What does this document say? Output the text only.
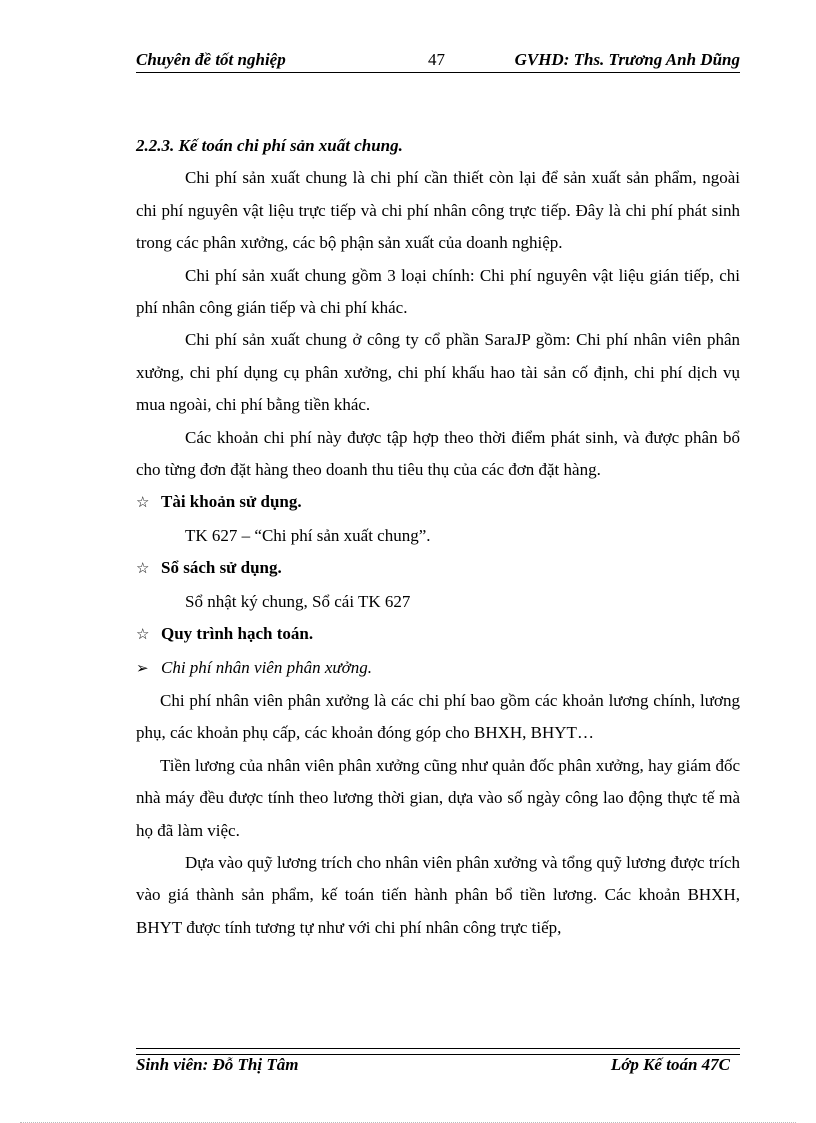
Chuyên đề tốt nghiệp	47	GVHD: Ths. Trương Anh Dũng

2.2.3. Kế toán chi phí sản xuất chung.

Chi phí sản xuất chung là chi phí cần thiết còn lại để sản xuất sản phẩm, ngoài chi phí nguyên vật liệu trực tiếp và chi phí nhân công trực tiếp. Đây là chi phí phát sinh trong các phân xưởng, các bộ phận sản xuất của doanh nghiệp.

Chi phí sản xuất chung gồm 3 loại chính: Chi phí nguyên vật liệu gián tiếp, chi phí nhân công gián tiếp và chi phí khác.

Chi phí sản xuất chung ở công ty cổ phần SaraJP gồm: Chi phí nhân viên phân xưởng, chi phí dụng cụ phân xưởng, chi phí khấu hao tài sản cố định, chi phí dịch vụ mua ngoài, chi phí bằng tiền khác.

Các khoản chi phí này được tập hợp theo thời điểm phát sinh, và được phân bổ cho từng đơn đặt hàng theo doanh thu tiêu thụ của các đơn đặt hàng.

☆ Tài khoản sử dụng.

TK 627 – “Chi phí sản xuất chung”.

☆ Sổ sách sử dụng.

Sổ nhật ký chung, Sổ cái TK 627

☆ Quy trình hạch toán.
➢ Chi phí nhân viên phân xưởng.

Chi phí nhân viên phân xưởng là các chi phí bao gồm các khoản lương chính, lương phụ, các khoản phụ cấp, các khoản đóng góp cho BHXH, BHYT…

Tiền lương của nhân viên phân xưởng cũng như quản đốc phân xưởng, hay giám đốc nhà máy đều được tính theo lương thời gian, dựa vào số ngày công lao động thực tế mà họ đã làm việc.

Dựa vào quỹ lương trích cho nhân viên phân xưởng và tổng quỹ lương được trích vào giá thành sản phẩm, kế toán tiến hành phân bổ tiền lương. Các khoản BHXH, BHYT được tính tương tự như với chi phí nhân công trực tiếp,

Sinh viên: Đỗ Thị Tâm	Lớp Kế toán 47C
